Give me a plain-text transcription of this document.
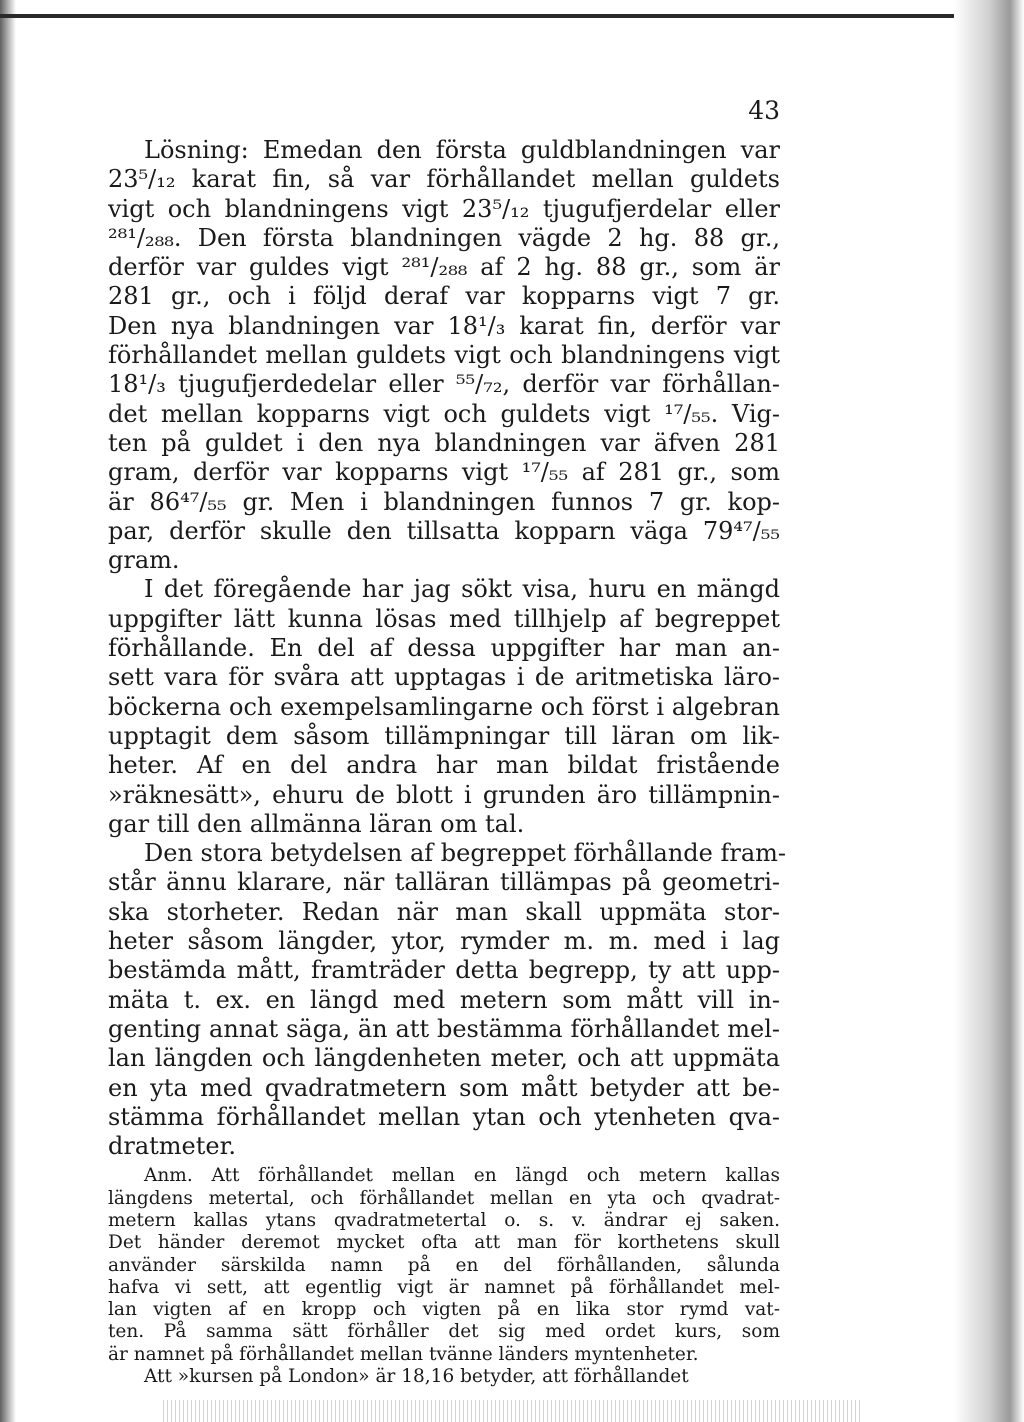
43
Lösning: Emedan den första guldblandningen var
23⁵/₁₂ karat fin, så var förhållandet mellan guldets
vigt och blandningens vigt 23⁵/₁₂ tjugufjerdelar eller
²⁸¹/₂₈₈. Den första blandningen vägde 2 hg. 88 gr.,
derför var guldes vigt ²⁸¹/₂₈₈ af 2 hg. 88 gr., som är
281 gr., och i följd deraf var kopparns vigt 7 gr.
Den nya blandningen var 18¹/₃ karat fin, derför var
förhållandet mellan guldets vigt och blandningens vigt
18¹/₃ tjugufjerdedelar eller ⁵⁵/₇₂, derför var förhållan-
det mellan kopparns vigt och guldets vigt ¹⁷/₅₅. Vig-
ten på guldet i den nya blandningen var äfven 281
gram, derför var kopparns vigt ¹⁷/₅₅ af 281 gr., som
är 86⁴⁷/₅₅ gr. Men i blandningen funnos 7 gr. kop-
par, derför skulle den tillsatta kopparn väga 79⁴⁷/₅₅
gram.
I det föregående har jag sökt visa, huru en mängd
uppgifter lätt kunna lösas med tillhjelp af begreppet
förhållande. En del af dessa uppgifter har man an-
sett vara för svåra att upptagas i de aritmetiska läro-
böckerna och exempelsamlingarne och först i algebran
upptagit dem såsom tillämpningar till läran om lik-
heter. Af en del andra har man bildat fristående
»räknesätt», ehuru de blott i grunden äro tillämpnin-
gar till den allmänna läran om tal.
Den stora betydelsen af begreppet förhållande fram-
står ännu klarare, när talläran tillämpas på geometri-
ska storheter. Redan när man skall uppmäta stor-
heter såsom längder, ytor, rymder m. m. med i lag
bestämda mått, framträder detta begrepp, ty att upp-
mäta t. ex. en längd med metern som mått vill in-
genting annat säga, än att bestämma förhållandet mel-
lan längden och längdenheten meter, och att uppmäta
en yta med qvadratmetern som mått betyder att be-
stämma förhållandet mellan ytan och ytenheten qva-
dratmeter.
Anm. Att förhållandet mellan en längd och metern kallas
längdens metertal, och förhållandet mellan en yta och qvadrat-
metern kallas ytans qvadratmetertal o. s. v. ändrar ej saken.
Det händer deremot mycket ofta att man för korthetens skull
använder särskilda namn på en del förhållanden, sålunda
hafva vi sett, att egentlig vigt är namnet på förhållandet mel-
lan vigten af en kropp och vigten på en lika stor rymd vat-
ten. På samma sätt förhåller det sig med ordet kurs, som
är namnet på förhållandet mellan tvänne länders myntenheter.
Att »kursen på London» är 18,16 betyder, att förhållandet
